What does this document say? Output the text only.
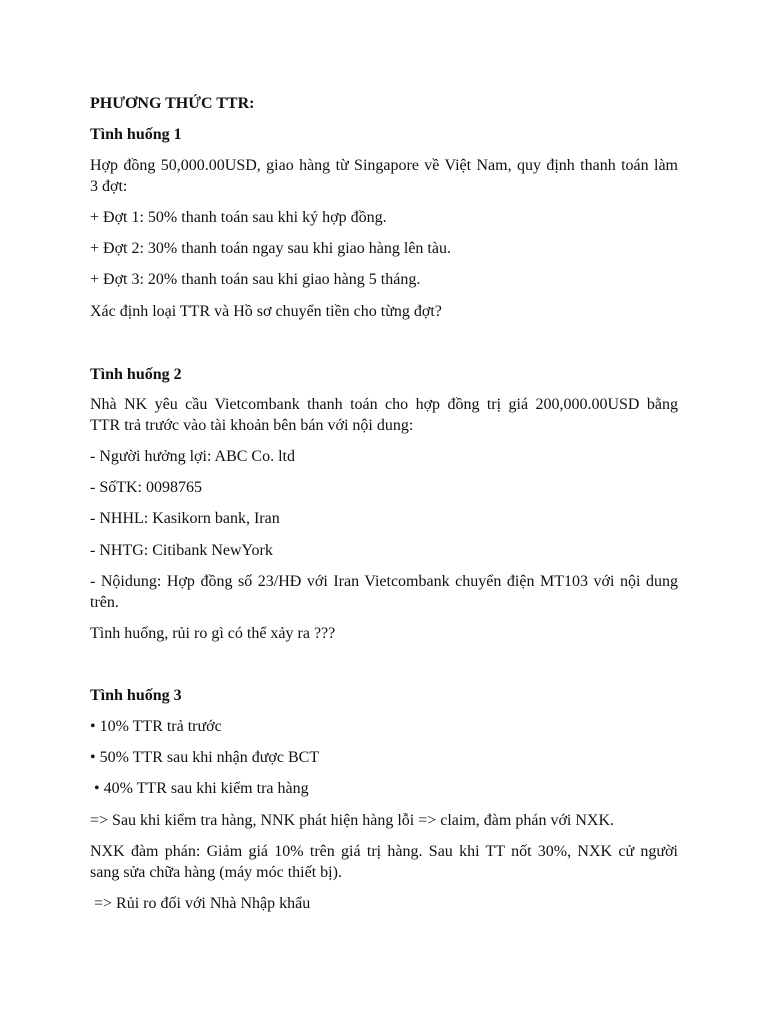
PHƯƠNG THỨC TTR:

Tình huống 1

Hợp đồng 50,000.00USD, giao hàng từ Singapore về Việt Nam, quy định thanh toán làm

3 đợt:

+ Đợt 1: 50% thanh toán sau khi ký hợp đồng.

+ Đợt 2: 30% thanh toán ngay sau khi giao hàng lên tàu.

+ Đợt 3: 20% thanh toán sau khi giao hàng 5 tháng.

Xác định loại TTR và Hồ sơ chuyển tiền cho từng đợt?

Tình huống 2

Nhà NK yêu cầu Vietcombank thanh toán cho hợp đồng trị giá 200,000.00USD bằng

TTR trả trước vào tài khoản bên bán với nội dung:

- Người hưởng lợi: ABC Co. ltd

- SốTK: 0098765

- NHHL: Kasikorn bank, Iran

- NHTG: Citibank NewYork

- Nộidung: Hợp đồng số 23/HĐ với Iran Vietcombank chuyển điện MT103 với nội dung

trên.

Tình huống, rủi ro gì có thể xảy ra ???

Tình huống 3

• 10% TTR trả trước

• 50% TTR sau khi nhận được BCT

• 40% TTR sau khi kiểm tra hàng

=> Sau khi kiểm tra hàng, NNK phát hiện hàng lỗi => claim, đàm phán với NXK.

NXK đàm phán: Giảm giá 10% trên giá trị hàng. Sau khi TT nốt 30%, NXK cử người

sang sửa chữa hàng (máy móc thiết bị).

=> Rủi ro đối với Nhà Nhập khẩu
